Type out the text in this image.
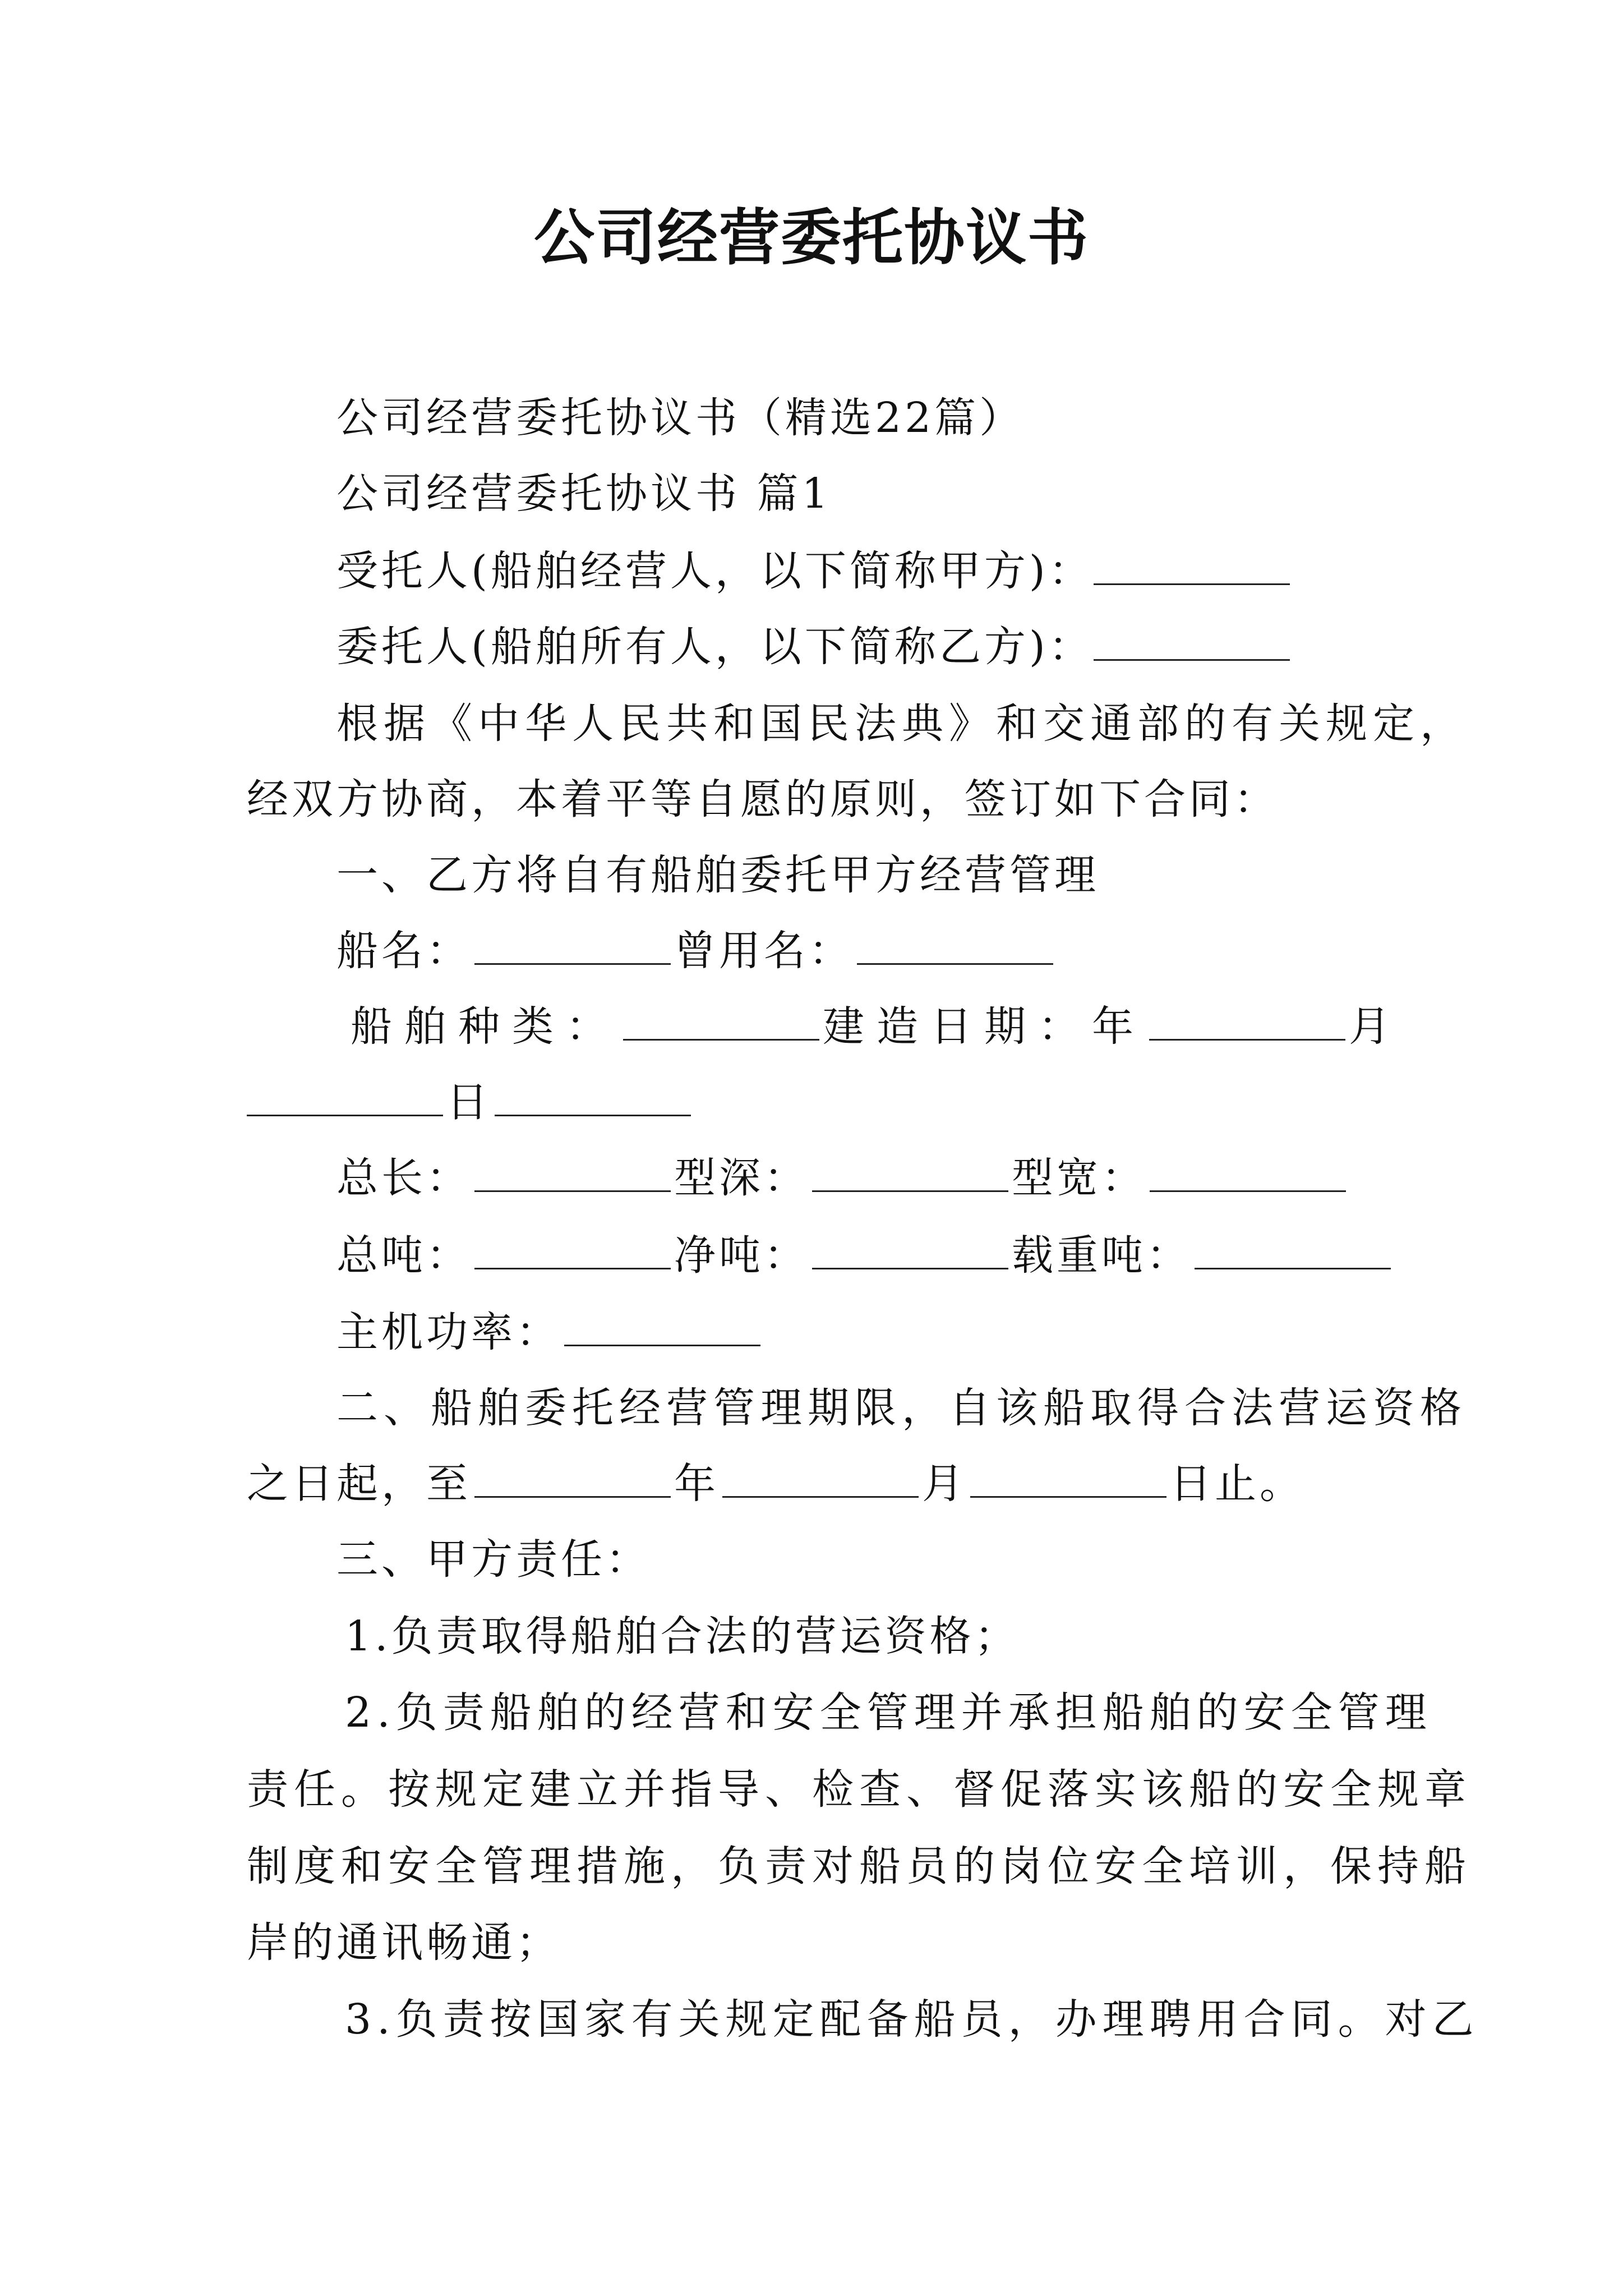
公司经营委托协议书
公司经营委托协议书（精选22篇）
公司经营委托协议书 篇1
受托人(船舶经营人，以下简称甲方)：
委托人(船舶所有人，以下简称乙方)：
根据《中华人民共和国民法典》和交通部的有关规定，
经双方协商，本着平等自愿的原则，签订如下合同：
一、乙方将自有船舶委托甲方经营管理
船名：	曾用名：
船舶种类：	建造日期：年	月
日
总长：	型深：	型宽：
总吨：	净吨：	载重吨：
主机功率：
二、船舶委托经营管理期限，自该船取得合法营运资格
之日起，至	年	月	日止。
三、甲方责任：
1.负责取得船舶合法的营运资格；
2.负责船舶的经营和安全管理并承担船舶的安全管理
责任。按规定建立并指导、检查、督促落实该船的安全规章
制度和安全管理措施，负责对船员的岗位安全培训，保持船
岸的通讯畅通；
3.负责按国家有关规定配备船员，办理聘用合同。对乙
